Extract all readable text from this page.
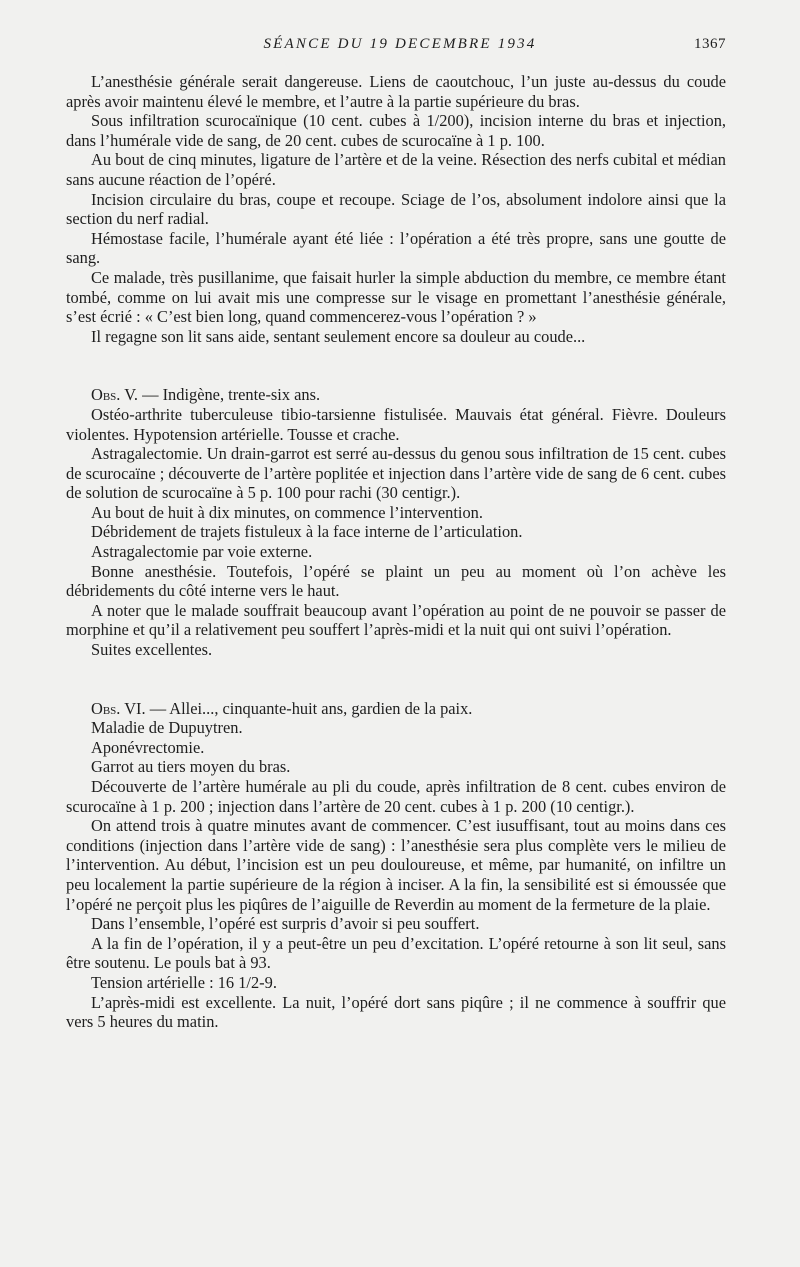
SÉANCE DU 19 DECEMBRE 1934	1367

L’anesthésie générale serait dangereuse. Liens de caoutchouc, l’un juste au-dessus du coude après avoir maintenu élevé le membre, et l’autre à la partie supérieure du bras.

Sous infiltration scurocaïnique (10 cent. cubes à 1/200), incision interne du bras et injection, dans l’humérale vide de sang, de 20 cent. cubes de scurocaïne à 1 p. 100.

Au bout de cinq minutes, ligature de l’artère et de la veine. Résection des nerfs cubital et médian sans aucune réaction de l’opéré.

Incision circulaire du bras, coupe et recoupe. Sciage de l’os, absolument indolore ainsi que la section du nerf radial.

Hémostase facile, l’humérale ayant été liée : l’opération a été très propre, sans une goutte de sang.

Ce malade, très pusillanime, que faisait hurler la simple abduction du membre, ce membre étant tombé, comme on lui avait mis une compresse sur le visage en promettant l’anesthésie générale, s’est écrié : « C’est bien long, quand commencerez-vous l’opération ? »

Il regagne son lit sans aide, sentant seulement encore sa douleur au coude...

Obs. V. — Indigène, trente-six ans.

Ostéo-arthrite tuberculeuse tibio-tarsienne fistulisée. Mauvais état général. Fièvre. Douleurs violentes. Hypotension artérielle. Tousse et crache.

Astragalectomie. Un drain-garrot est serré au-dessus du genou sous infiltration de 15 cent. cubes de scurocaïne ; découverte de l’artère poplitée et injection dans l’artère vide de sang de 6 cent. cubes de solution de scurocaïne à 5 p. 100 pour rachi (30 centigr.).

Au bout de huit à dix minutes, on commence l’intervention.

Débridement de trajets fistuleux à la face interne de l’articulation.

Astragalectomie par voie externe.

Bonne anesthésie. Toutefois, l’opéré se plaint un peu au moment où l’on achève les débridements du côté interne vers le haut.

A noter que le malade souffrait beaucoup avant l’opération au point de ne pouvoir se passer de morphine et qu’il a relativement peu souffert l’après-midi et la nuit qui ont suivi l’opération.

Suites excellentes.

Obs. VI. — Allei..., cinquante-huit ans, gardien de la paix.

Maladie de Dupuytren.

Aponévrectomie.

Garrot au tiers moyen du bras.

Découverte de l’artère humérale au pli du coude, après infiltration de 8 cent. cubes environ de scurocaïne à 1 p. 200 ; injection dans l’artère de 20 cent. cubes à 1 p. 200 (10 centigr.).

On attend trois à quatre minutes avant de commencer. C’est iusuffisant, tout au moins dans ces conditions (injection dans l’artère vide de sang) : l’anesthésie sera plus complète vers le milieu de l’intervention. Au début, l’incision est un peu douloureuse, et même, par humanité, on infiltre un peu localement la partie supérieure de la région à inciser. A la fin, la sensibilité est si émoussée que l’opéré ne perçoit plus les piqûres de l’aiguille de Reverdin au moment de la fermeture de la plaie.

Dans l’ensemble, l’opéré est surpris d’avoir si peu souffert.

A la fin de l’opération, il y a peut-être un peu d’excitation. L’opéré retourne à son lit seul, sans être soutenu. Le pouls bat à 93.

Tension artérielle : 16 1/2-9.

L’après-midi est excellente. La nuit, l’opéré dort sans piqûre ; il ne commence à souffrir que vers 5 heures du matin.
